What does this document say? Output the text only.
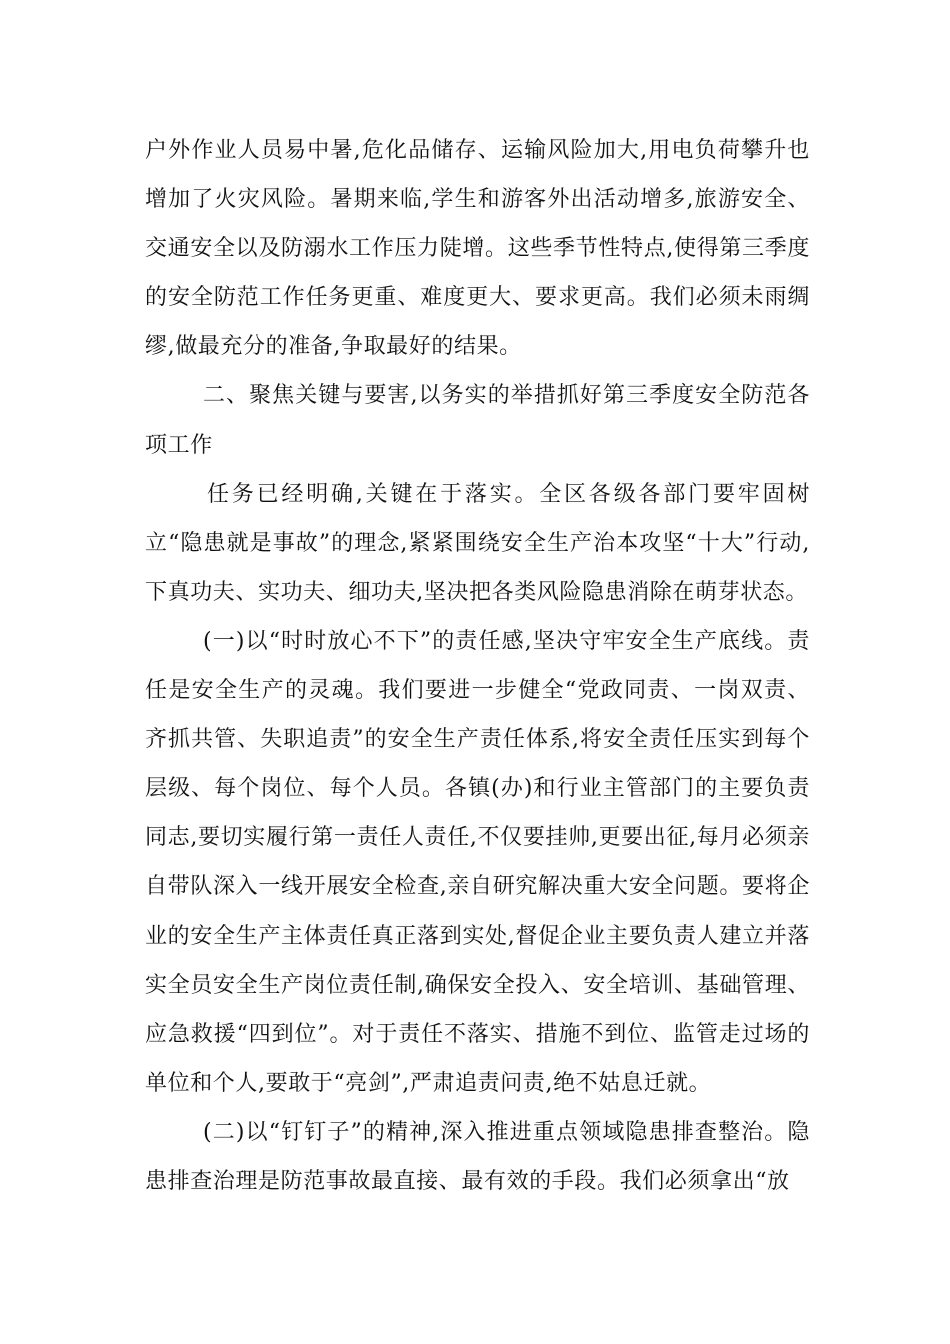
户外作业人员易中暑,危化品储存、运输风险加大,用电负荷攀升也增加了火灾风险。暑期来临,学生和游客外出活动增多,旅游安全、交通安全以及防溺水工作压力陡增。这些季节性特点,使得第三季度的安全防范工作任务更重、难度更大、要求更高。我们必须未雨绸缪,做最充分的准备,争取最好的结果。

二、聚焦关键与要害,以务实的举措抓好第三季度安全防范各项工作

任务已经明确,关键在于落实。全区各级各部门要牢固树立“隐患就是事故”的理念,紧紧围绕安全生产治本攻坚“十大”行动,下真功夫、实功夫、细功夫,坚决把各类风险隐患消除在萌芽状态。

(一)以“时时放心不下”的责任感,坚决守牢安全生产底线。责任是安全生产的灵魂。我们要进一步健全“党政同责、一岗双责、齐抓共管、失职追责”的安全生产责任体系,将安全责任压实到每个层级、每个岗位、每个人员。各镇(办)和行业主管部门的主要负责同志,要切实履行第一责任人责任,不仅要挂帅,更要出征,每月必须亲自带队深入一线开展安全检查,亲自研究解决重大安全问题。要将企业的安全生产主体责任真正落到实处,督促企业主要负责人建立并落实全员安全生产岗位责任制,确保安全投入、安全培训、基础管理、应急救援“四到位”。对于责任不落实、措施不到位、监管走过场的单位和个人,要敢于“亮剑”,严肃追责问责,绝不姑息迁就。

(二)以“钉钉子”的精神,深入推进重点领域隐患排查整治。隐患排查治理是防范事故最直接、最有效的手段。我们必须拿出“放
